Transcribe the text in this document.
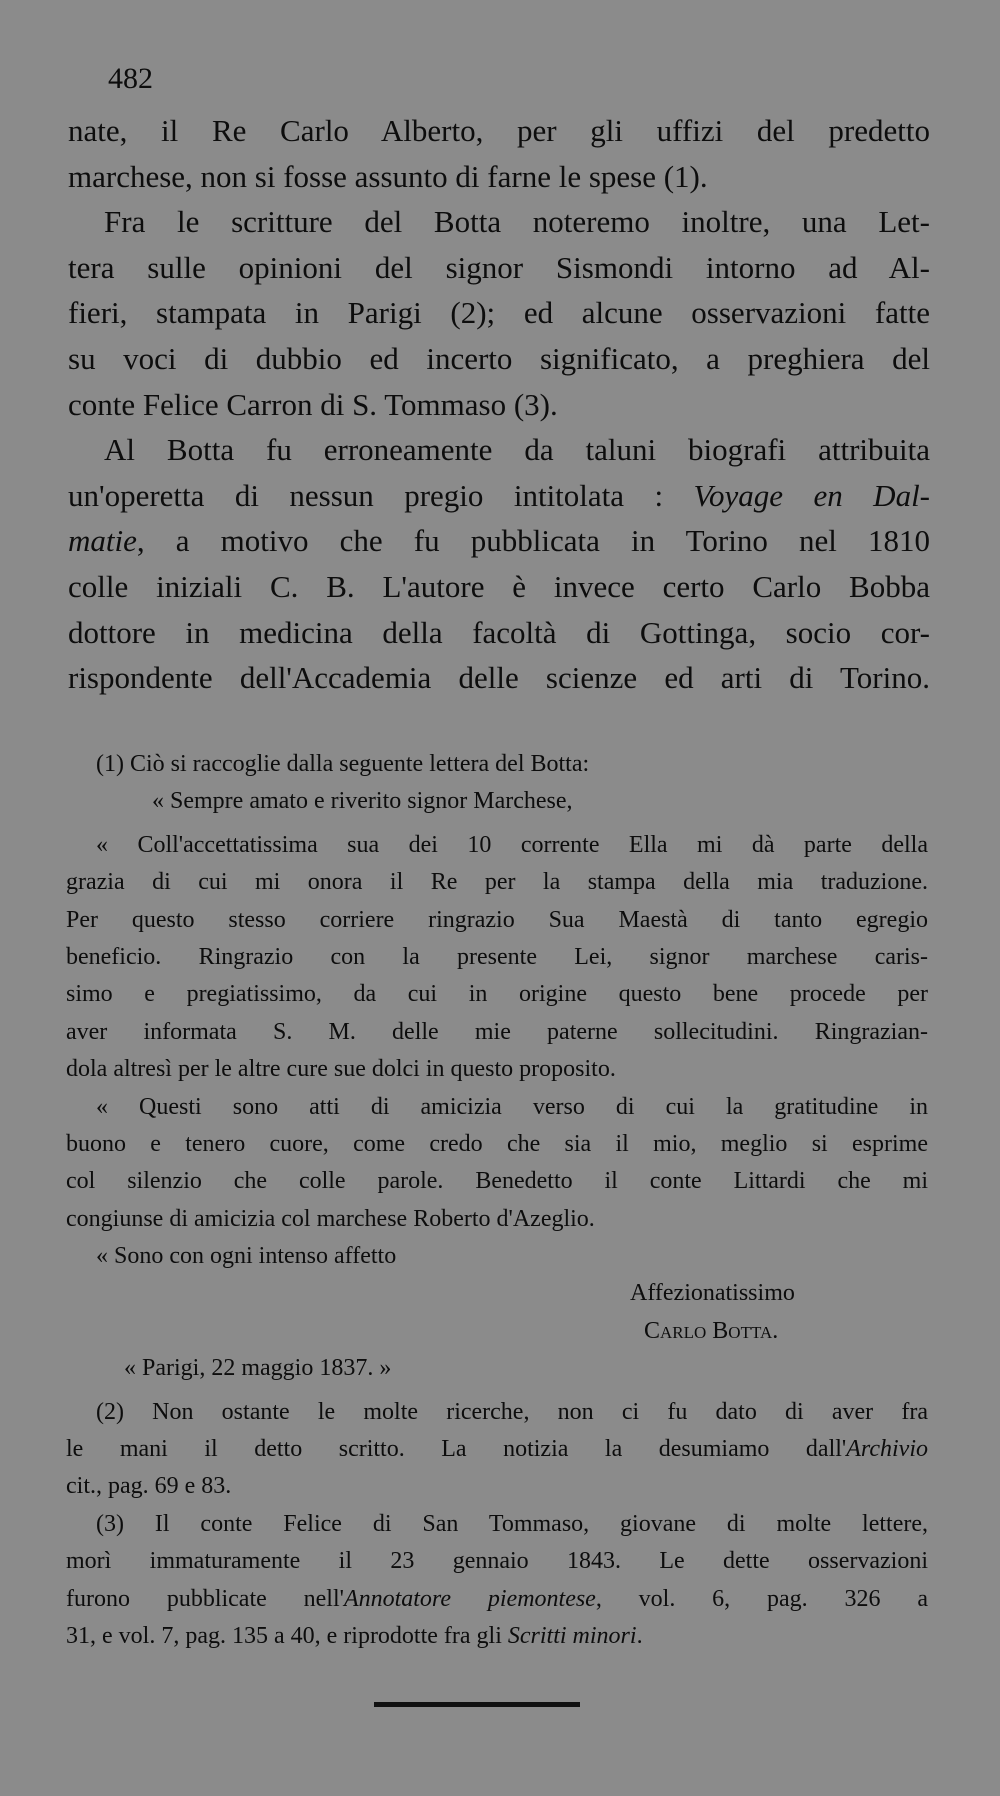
482
nate, il Re Carlo Alberto, per gli uffizi del predetto
marchese, non si fosse assunto di farne le spese (1).
Fra le scritture del Botta noteremo inoltre, una Let-
tera sulle opinioni del signor Sismondi intorno ad Al-
fieri, stampata in Parigi (2); ed alcune osservazioni fatte
su voci di dubbio ed incerto significato, a preghiera del
conte Felice Carron di S. Tommaso (3).
Al Botta fu erroneamente da taluni biografi attribuita
un'operetta di nessun pregio intitolata : Voyage en Dal-
matie, a motivo che fu pubblicata in Torino nel 1810
colle iniziali C. B. L'autore è invece certo Carlo Bobba
dottore in medicina della facoltà di Gottinga, socio cor-
rispondente dell'Accademia delle scienze ed arti di Torino.
(1) Ciò si raccoglie dalla seguente lettera del Botta:
« Sempre amato e riverito signor Marchese,
« Coll'accettatissima sua dei 10 corrente Ella mi dà parte della
grazia di cui mi onora il Re per la stampa della mia traduzione.
Per questo stesso corriere ringrazio Sua Maestà di tanto egregio
beneficio. Ringrazio con la presente Lei, signor marchese caris-
simo e pregiatissimo, da cui in origine questo bene procede per
aver informata S. M. delle mie paterne sollecitudini. Ringrazian-
dola altresì per le altre cure sue dolci in questo proposito.
« Questi sono atti di amicizia verso di cui la gratitudine in
buono e tenero cuore, come credo che sia il mio, meglio si esprime
col silenzio che colle parole. Benedetto il conte Littardi che mi
congiunse di amicizia col marchese Roberto d'Azeglio.
« Sono con ogni intenso affetto
Affezionatissimo
Carlo Botta.
« Parigi, 22 maggio 1837. »
(2) Non ostante le molte ricerche, non ci fu dato di aver fra
le mani il detto scritto. La notizia la desumiamo dall'Archivio
cit., pag. 69 e 83.
(3) Il conte Felice di San Tommaso, giovane di molte lettere,
morì immaturamente il 23 gennaio 1843. Le dette osservazioni
furono pubblicate nell'Annotatore piemontese, vol. 6, pag. 326 a
31, e vol. 7, pag. 135 a 40, e riprodotte fra gli Scritti minori.
